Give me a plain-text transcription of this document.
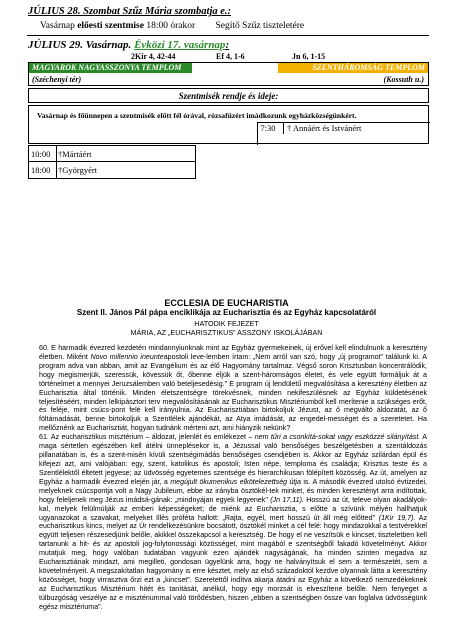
JÚLIUS 28. Szombat Szűz Mária szombatja e.:
Vasárnap előesti szentmise 18:00 órakor Segítő Szűz tiszteletére
JÚLIUS 29. Vasárnap. Évközi 17. vasárnap:
2Kir 4, 42-44	Ef 4, 1-6	Jn 6, 1-15
MAGYAROK NAGYASSZONYA TEMPLOM	SZENTHÁROMSÁG TEMPLOM
(Széchenyi tér)	(Kossuth u.)
Szentmisék rendje és ideje:
Vasárnap és főünnepen a szentmisék előtt fél órával, rózsafüzért imádkozunk egyházközségünkért.
7:30	† Annáért és Istvánért
10:00 †Mártáért
18:00 †Györgyért
ECCLESIA DE EUCHARISTIA
Szent II. János Pál pápa enciklikája az Eucharisztia és az Egyház kapcsolatáról
HATODIK FEJEZET
MÁRIA, AZ „EUCHARISZTIKUS” ASSZONY ISKOLÁJÁBAN

60. E harmadik évezred kezdetén mindannyiunknak mint az Egyház gyermekeinek, új erővel kell elindulnunk a keresztény életben. Miként Novo millennio ineunteapostoli leve-lemben írtam: „Nem arról van szó, hogy „új programot" találunk ki. A program adva van abban, amit az Evangélium és az élő Hagyomány tartalmaz. Végső soron Krisztusban koncentrálódik, hogy megismerjük, szeressük, kövessük őt, őbenne éljük a szent-háromságos életet, és vele együtt formáljuk át a történelmet a mennyei Jeruzsálemben való beteljesedésig." E program új lendületű megvalósítása a keresztény életben az Eucharisztia által történik. Minden életszentségre törekvésnek, minden nekifeszülésnek az Egyház küldetésének teljesítéséért, minden lelkipásztori terv megvalósításának az Eucharisztikus Misztériumból kell merítenie a szükséges erőt, és feléje, mint csúcs-pont felé kell irányulnia. Az Eucharisztiában birtokoljuk Jézust, az ő megváltó áldozatát, az ő föltámadását, benne birtokoljuk a Szentlélek ajándékát, az Atya imádását, az engedel-mességet és a szeretetet. Ha mellőznénk az Eucharisztiát, hogyan tudnánk mérteni azt, ami hiányzik nekünk?

61. Az eucharisztikus misztérium – áldozat, jelenlét és emlékezet – nem tűri a csonkítá-sokat vagy eszközzé silányítást. A maga sértetlen egészében kell átélni ünneplésekor is, a Jézussal való bensőséges beszélgetésben a szentáldozás pillanatában is, és a szent-misén kívüli szentségimádás bensőséges csendjében is. Akkor az Egyház szilárdan épül és kifejezi azt, ami valójában: egy, szent, katolikus és apostoli; Isten népe, temploma és családja; Krisztus teste és a Szentlélektől éltetett jegyese; az üdvösség egyetemes szentsége és hierarchikusan fölépített közösség. Az út, amelyen az Egyház a harmadik évezred elején jár, a megújult ökumenikus elkötelezettség útja is. A második évezred utolsó évtizedei, melyeknek csúcspontja volt a Nagy Jubileum, ebbe az irányba ösztökél-tek minket, és minden keresztényt arra indítottak, hogy feleljenek meg Jézus imádsá-gának: „mindnyájan egyek legyenek" (Jn 17,11). Hosszú az út, televe olyan akadályok-kal, melyek felülmúlják az emberi képességeket; de miénk az Eucharisztia, s előtte a szívünk mélyén hallhatjuk ugyanazokat a szavakat, melyeket Illés próféta hallott: „Rajta, egyél, mert hosszú út áll még előtted" (1Kir 19,7). Az eucharisztikus kincs, melyet az Úr rendelkezésünkre bocsátott, ösztökél minket a cél felé: hogy mindazokkal a testvérekkel együtt teljesen részesedjünk belőle, akikkel összekapcsol a keresztség. De hogy el ne veszítsük e kincset, tiszteletben kell tartanunk a hit- és az apostoli jog-folytonossági közösséget, mint magából e szentségből fakadó követelményt. Akkor mutatjuk meg, hogy valóban tudatában vagyunk ezen ajándék nagyságának, ha minden szinten megadva az Eucharisztiának mindazt, ami megilleti, gondosan ügyelünk arra, hogy ne halványítsuk el sem a természetét, sem a követelményeit. A megszakítatlan hagyomány is erre késztet, mely az első századoktól kezdve olyannak látta a keresztény közösséget, hogy virrasztva őrzi ezt a „kincset". Szeretettől indítva akarja átadni az Egyház a következő nemzedékeknek az Eucharisztikus Misztérium hitét és tanítását, anélkül, hogy egy morzsát is elveszítene belőle. Nem fenyeget a túlbuzgóság veszélye az e misztériummal való törődésben, hiszen „ebben a szentségben össze van foglalva üdvösségünk egész misztériuma".
